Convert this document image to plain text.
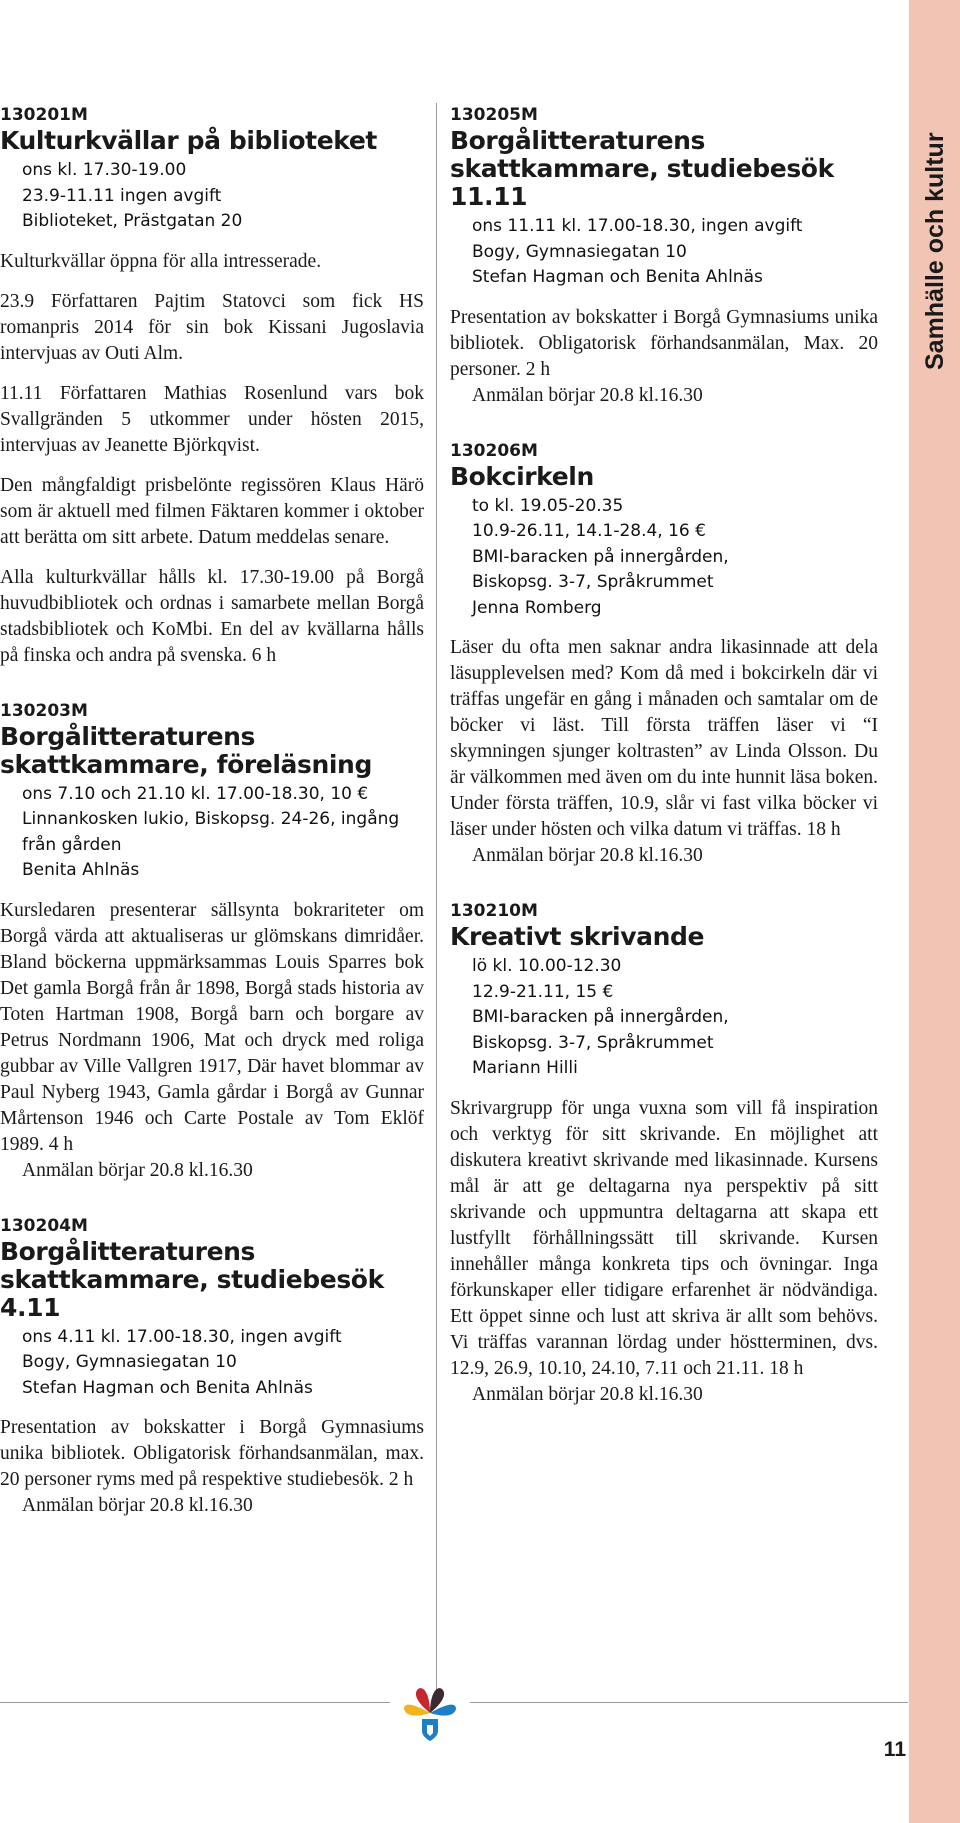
Samhälle och kultur
130201M
Kulturkvällar på biblioteket
ons kl. 17.30-19.00
23.9-11.11 ingen avgift
Biblioteket, Prästgatan 20

Kulturkvällar öppna för alla intresserade.

23.9 Författaren Pajtim Statovci som fick HS romanpris 2014 för sin bok Kissani Jugoslavia intervjuas av Outi Alm.

11.11 Författaren Mathias Rosenlund vars bok Svallgränden 5 utkommer under hösten 2015, intervjuas av Jeanette Björkqvist.

Den mångfaldigt prisbelönte regissören Klaus Härö som är aktuell med filmen Fäktaren kommer i oktober att berätta om sitt arbete. Datum meddelas senare.

Alla kulturkvällar hålls kl. 17.30-19.00 på Borgå huvudbibliotek och ordnas i samarbete mellan Borgå stadsbibliotek och KoMbi. En del av kvällarna hålls på finska och andra på svenska. 6 h

130203M
Borgålitteraturens skattkammare, föreläsning
ons 7.10 och 21.10 kl. 17.00-18.30, 10 €
Linnankosken lukio, Biskopsg. 24-26, ingång från gården
Benita Ahlnäs

Kursledaren presenterar sällsynta bokrariteter om Borgå värda att aktualiseras ur glömskans dimridåer. Bland böckerna uppmärksammas Louis Sparres bok Det gamla Borgå från år 1898, Borgå stads historia av Toten Hartman 1908, Borgå barn och borgare av Petrus Nordmann 1906, Mat och dryck med roliga gubbar av Ville Vallgren 1917, Där havet blommar av Paul Nyberg 1943, Gamla gårdar i Borgå av Gunnar Mårtenson 1946 och Carte Postale av Tom Eklöf 1989. 4 h

Anmälan börjar 20.8 kl.16.30
130204M
Borgålitteraturens skattkammare, studiebesök 4.11
ons 4.11 kl. 17.00-18.30, ingen avgift
Bogy, Gymnasiegatan 10
Stefan Hagman och Benita Ahlnäs

Presentation av bokskatter i Borgå Gymnasiums unika bibliotek. Obligatorisk förhandsanmälan, max. 20 personer ryms med på respektive studiebesök. 2 h

Anmälan börjar 20.8 kl.16.30
130205M
Borgålitteraturens skattkammare, studiebesök 11.11
ons 11.11 kl. 17.00-18.30, ingen avgift
Bogy, Gymnasiegatan 10
Stefan Hagman och Benita Ahlnäs

Presentation av bokskatter i Borgå Gymnasiums unika bibliotek. Obligatorisk förhandsanmälan, Max. 20 personer. 2 h

Anmälan börjar 20.8 kl.16.30
130206M
Bokcirkeln
to kl. 19.05-20.35
10.9-26.11, 14.1-28.4, 16 €
BMI-baracken på innergården,
Biskopsg. 3-7, Språkrummet
Jenna Romberg

Läser du ofta men saknar andra likasinnade att dela läsupplevelsen med? Kom då med i bokcirkeln där vi träffas ungefär en gång i månaden och samtalar om de böcker vi läst. Till första träffen läser vi “I skymningen sjunger koltrasten” av Linda Olsson. Du är välkommen med även om du inte hunnit läsa boken. Under första träffen, 10.9, slår vi fast vilka böcker vi läser under hösten och vilka datum vi träffas. 18 h

Anmälan börjar 20.8 kl.16.30
130210M
Kreativt skrivande
lö kl. 10.00-12.30
12.9-21.11, 15 €
BMI-baracken på innergården,
Biskopsg. 3-7, Språkrummet
Mariann Hilli

Skrivargrupp för unga vuxna som vill få inspiration och verktyg för sitt skrivande. En möjlighet att diskutera kreativt skrivande med likasinnade. Kursens mål är att ge deltagarna nya perspektiv på sitt skrivande och uppmuntra deltagarna att skapa ett lustfyllt förhållningssätt till skrivande. Kursen innehåller många konkreta tips och övningar. Inga förkunskaper eller tidigare erfarenhet är nödvändiga. Ett öppet sinne och lust att skriva är allt som behövs. Vi träffas varannan lördag under höstterminen, dvs. 12.9, 26.9, 10.10, 24.10, 7.11 och 21.11. 18 h

Anmälan börjar 20.8 kl.16.30
11
